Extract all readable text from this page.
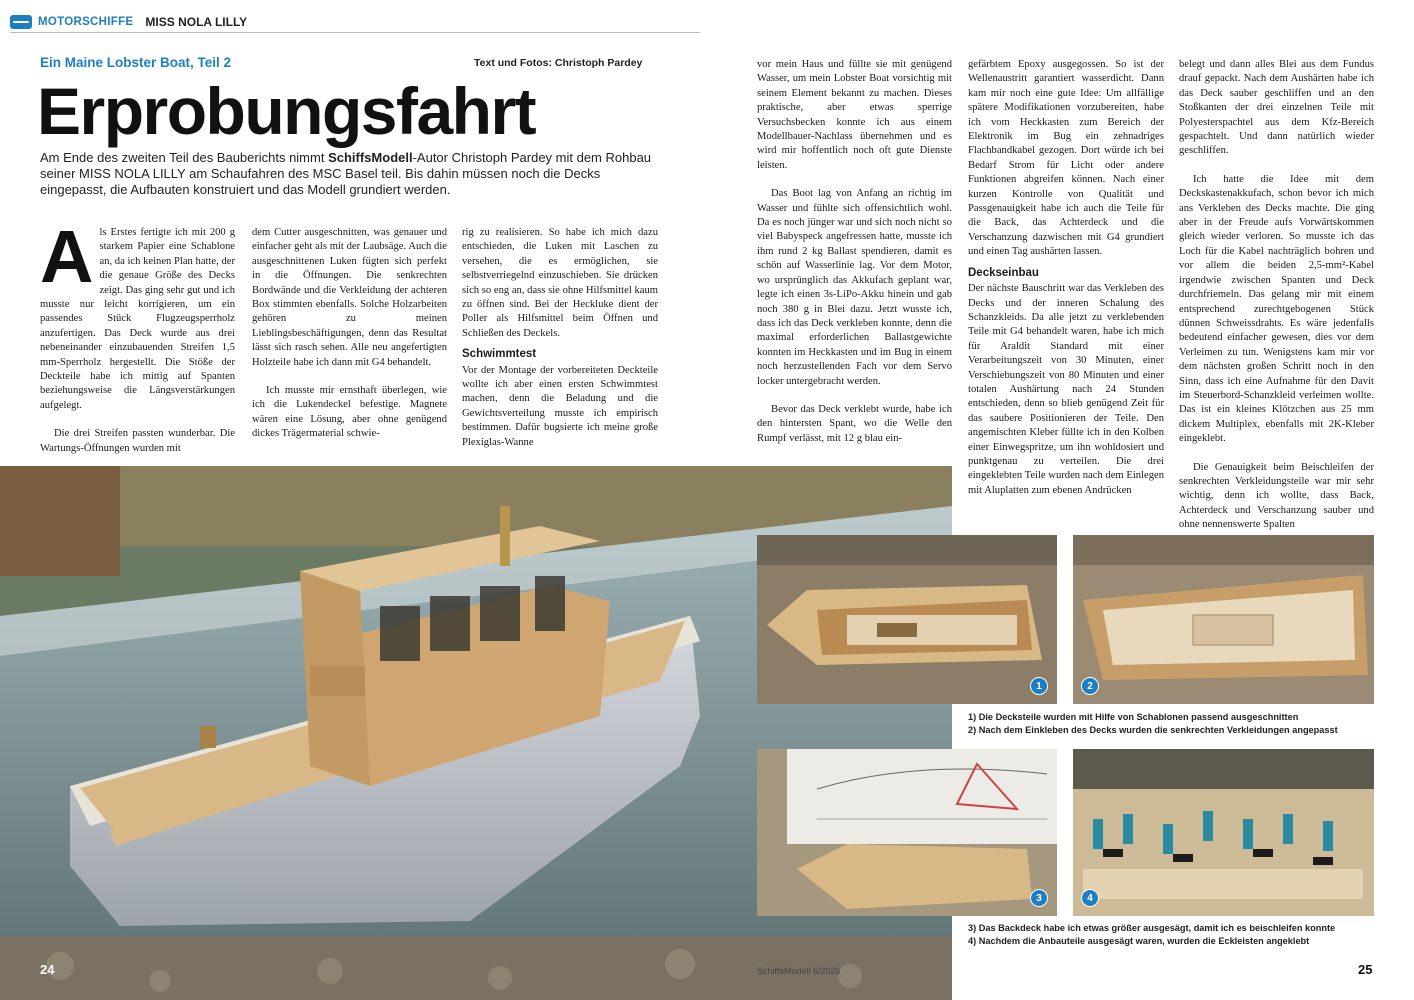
MOTORSCHIFFE MISS NOLA LILLY
Ein Maine Lobster Boat, Teil 2	Text und Fotos: Christoph Pardey
Erprobungsfahrt
Am Ende des zweiten Teil des Bauberichts nimmt SchiffsModell-Autor Christoph Pardey mit dem Rohbau seiner MISS NOLA LILLY am Schaufahren des MSC Basel teil. Bis dahin müssen noch die Decks eingepasst, die Aufbauten konstruiert und das Modell grundiert werden.
A ls Erstes fertigte ich mit 200 g starkem Papier eine Schablone an, da ich keinen Plan hatte, der die genaue Größe des Decks zeigt. Das ging sehr gut und ich musste nur leicht korrigieren, um ein passendes Stück Flugzeugsperrholz anzufertigen. Das Deck wurde aus drei nebeneinander einzubauenden Streifen 1,5 mm-Sperrholz hergestellt. Die Stöße der Deckteile habe ich mittig auf Spanten beziehungsweise die Längsverstärkungen aufgelegt.

Die drei Streifen passten wunderbar. Die Wartungs-Öffnungen wurden mit

dem Cutter ausgeschnitten, was genauer und einfacher geht als mit der Laubsäge. Auch die ausgeschnittenen Luken fügten sich perfekt in die Öffnungen. Die senkrechten Bordwände und die Verkleidung der achteren Box stimmten ebenfalls. Solche Holzarbeiten gehören zu meinen Lieblingsbeschäftigungen, denn das Resultat lässt sich rasch sehen. Alle neu angefertigten Holzteile habe ich dann mit G4 behandelt.

Ich musste mir ernsthaft überlegen, wie ich die Lukendeckel befestige. Magnete wären eine Lösung, aber ohne genügend dickes Trägermaterial schwie-

rig zu realisieren. So habe ich mich dazu entschieden, die Luken mit Laschen zu versehen, die es ermöglichen, sie selbstverriegelnd einzuschieben. Sie drücken sich so eng an, dass sie ohne Hilfsmittel kaum zu öffnen sind. Bei der Heckluke dient der Poller als Hilfsmittel beim Öffnen und Schließen des Deckels.

Schwimmtest

Vor der Montage der vorbereiteten Deckteile wollte ich aber einen ersten Schwimmtest machen, denn die Beladung und die Gewichtsverteilung musste ich empirisch bestimmen. Dafür bugsierte ich meine große Plexiglas-Wanne

vor mein Haus und füllte sie mit genügend Wasser, um mein Lobster Boat vorsichtig mit seinem Element bekannt zu machen. Dieses praktische, aber etwas sperrige Versuchsbecken konnte ich aus einem Modellbauer-Nachlass übernehmen und es wird mir hoffentlich noch oft gute Dienste leisten.

Das Boot lag von Anfang an richtig im Wasser und fühlte sich offensichtlich wohl. Da es noch jünger war und sich noch nicht so viel Babyspeck angefressen hatte, musste ich ihm rund 2 kg Ballast spendieren, damit es schön auf Wasserlinie lag. Vor dem Motor, wo ursprünglich das Akkufach geplant war, legte ich einen 3s-LiPo-Akku hinein und gab noch 380 g in Blei dazu. Jetzt wusste ich, dass ich das Deck verkleben konnte, denn die maximal erforderlichen Ballastgewichte konnten im Heckkasten und im Bug in einem noch herzustellenden Fach vor dem Servo locker untergebracht werden.

Bevor das Deck verklebt wurde, habe ich den hintersten Spant, wo die Welle den Rumpf verlässt, mit 12 g blau ein-

gefärbtem Epoxy ausgegossen. So ist der Wellenaustritt garantiert wasserdicht. Dann kam mir noch eine gute Idee: Um allfällige spätere Modifikationen vorzubereiten, habe ich vom Heckkasten zum Bereich der Elektronik im Bug ein zehnadriges Flachbandkabel gezogen. Dort würde ich bei Bedarf Strom für Licht oder andere Funktionen abgreifen können. Nach einer kurzen Kontrolle von Qualität und Passgenauigkeit habe ich auch die Teile für die Back, das Achterdeck und die Verschanzung dazwischen mit G4 grundiert und einen Tag aushärten lassen.

Deckseinbau

Der nächste Bauschritt war das Verkleben des Decks und der inneren Schalung des Schanzkleids. Da alle jetzt zu verklebenden Teile mit G4 behandelt waren, habe ich mich für Araldit Standard mit einer Verarbeitungszeit von 30 Minuten, einer Verschiebungszeit von 80 Minuten und einer totalen Aushärtung nach 24 Stunden entschieden, denn so blieb genügend Zeit für das saubere Positionieren der Teile. Den angemischten Kleber füllte ich in den Kolben einer Einwegspritze, um ihn wohldosiert und punktgenau zu verteilen. Die drei eingeklebten Teile wurden nach dem Einlegen mit Aluplatten zum ebenen Andrücken

belegt und dann alles Blei aus dem Fundus drauf gepackt. Nach dem Aushärten habe ich das Deck sauber geschliffen und an den Stoßkanten der drei einzelnen Teile mit Polyesterspachtel aus dem Kfz-Bereich gespachtelt. Und dann natürlich wieder geschliffen.

Ich hatte die Idee mit dem Deckskastenakkufach, schon bevor ich mich ans Verkleben des Decks machte. Die ging aber in der Freude aufs Vorwärtskommen gleich wieder verloren. So musste ich das Loch für die Kabel nachträglich bohren und vor allem die beiden 2,5-mm²-Kabel irgendwie zwischen Spanten und Deck durchfriemeln. Das gelang mir mit einem entsprechend zurechtgebogenen Stück dünnen Schweissdrahts. Es wäre jedenfalls bedeutend einfacher gewesen, dies vor dem Verleimen zu tun. Wenigstens kam mir vor dem nächsten großen Schritt noch in den Sinn, dass ich eine Aufnahme für den Davit im Steuerbord-Schanzkleid verleimen wollte. Das ist ein kleines Klötzchen aus 25 mm dickem Multiplex, ebenfalls mit 2K-Kleber eingeklebt.

Die Genauigkeit beim Beischleifen der senkrechten Verkleidungsteile war mir sehr wichtig, denn ich wollte, dass Back, Achterdeck und Verschanzung sauber und ohne nennenswerte Spalten

1	2
1) Die Decksteile wurden mit Hilfe von Schablonen passend ausgeschnitten
2) Nach dem Einkleben des Decks wurden die senkrechten Verkleidungen angepasst
3	4
3) Das Backdeck habe ich etwas größer ausgesägt, damit ich es beischleifen konnte
4) Nachdem die Anbauteile ausgesägt waren, wurden die Eckleisten angeklebt
24	SchiffsModell 6/2026	25
